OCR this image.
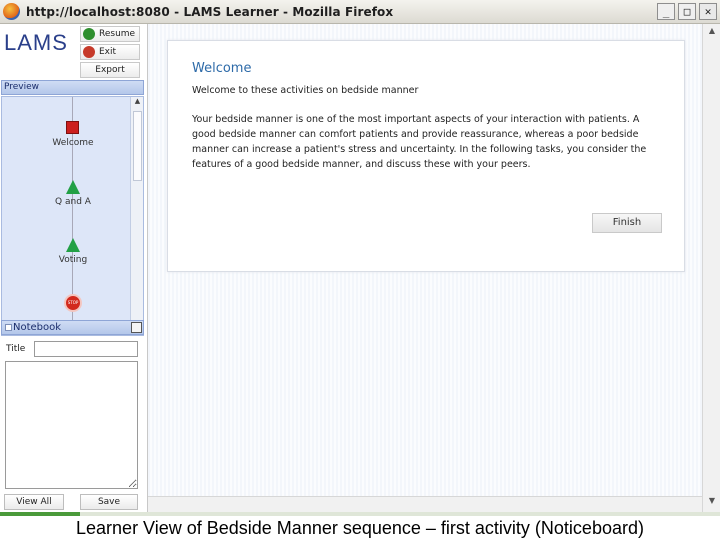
http://localhost:8080 - LAMS Learner - Mozilla Firefox	_	□	✕
LAMS	Resume
Exit
Export
Preview
Welcome
Q and A
Voting
STOP
▲
Notebook
Title
View All	Save
▲
▼
Welcome
Welcome to these activities on bedside manner
Your bedside manner is one of the most important aspects of your interaction with patients. A good bedside manner can comfort patients and provide reassurance, whereas a poor bedside manner can increase a patient's stress and uncertainty. In the following tasks, you consider the features of a good bedside manner, and discuss these with your peers.
Finish
Learner View of Bedside Manner sequence – first activity (Noticeboard)
